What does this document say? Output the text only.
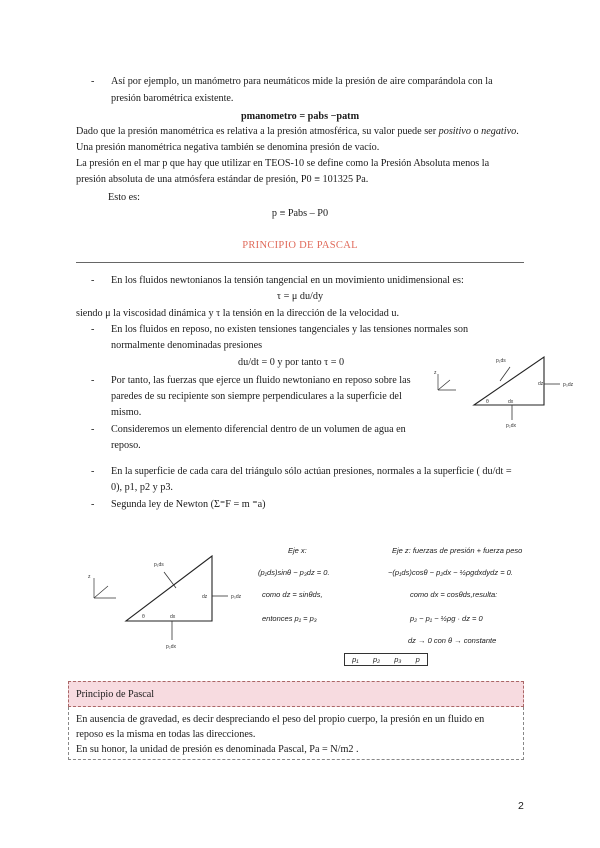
- Así por ejemplo, un manómetro para neumáticos mide la presión de aire comparándola con la
presión barométrica existente.
pmanometro = pabs −patm
Dado que la presión manométrica es relativa a la presión atmosférica, su valor puede ser positivo o negativo.
Una presión manométrica negativa también se denomina presión de vacío.
La presión en el mar p que hay que utilizar en TEOS-10 se define como la Presión Absoluta menos la
presión absoluta de una atmósfera estándar de presión, P0 ≡ 101325 Pa.
Esto es:
p ≡ Pabs – P0
PRINCIPIO DE PASCAL
- En los fluidos newtonianos la tensión tangencial en un movimiento unidimensional es:
τ = μ du/dy
siendo μ la viscosidad dinámica y τ la tensión en la dirección de la velocidad u.
- En los fluidos en reposo, no existen tensiones tangenciales y las tensiones normales son
normalmente denominadas presiones
du/dt = 0 y por tanto τ = 0
- Por tanto, las fuerzas que ejerce un fluido newtoniano en reposo sobre las
paredes de su recipiente son siempre perpendiculares a la superficie del
mismo.
- Consideremos un elemento diferencial dentro de un volumen de agua en
reposo.
z
p₁ds
p₃dz
p₂dx
dz
dx
θ
- En la superficie de cada cara del triángulo sólo actúan presiones, normales a la superficie ( du/dt =
0), p1, p2 y p3.
- Segunda ley de Newton (Σ⁼F = m ⁼a)
z
p₁ds
p₃dz
p₂dx
dz
dx
θ
Eje x:
(p₁ds)sinθ − p₃dz = 0.
como dz = sinθds,
entonces p₁ = p₃
Eje z: fuerzas de presión + fuerza peso
−(p₁ds)cosθ − p₂dx − ½ρgdxdydz = 0.
como dx = cosθds,resulta:
p₂ − p₁ − ½ρg · dz = 0
dz → 0 con θ → constante
p₁ p₂ p₃ p
Principio de Pascal
En ausencia de gravedad, es decir despreciando el peso del propio cuerpo, la presión en un fluido en
reposo es la misma en todas las direcciones.
En su honor, la unidad de presión es denominada Pascal, Pa = N/m2 .
2
